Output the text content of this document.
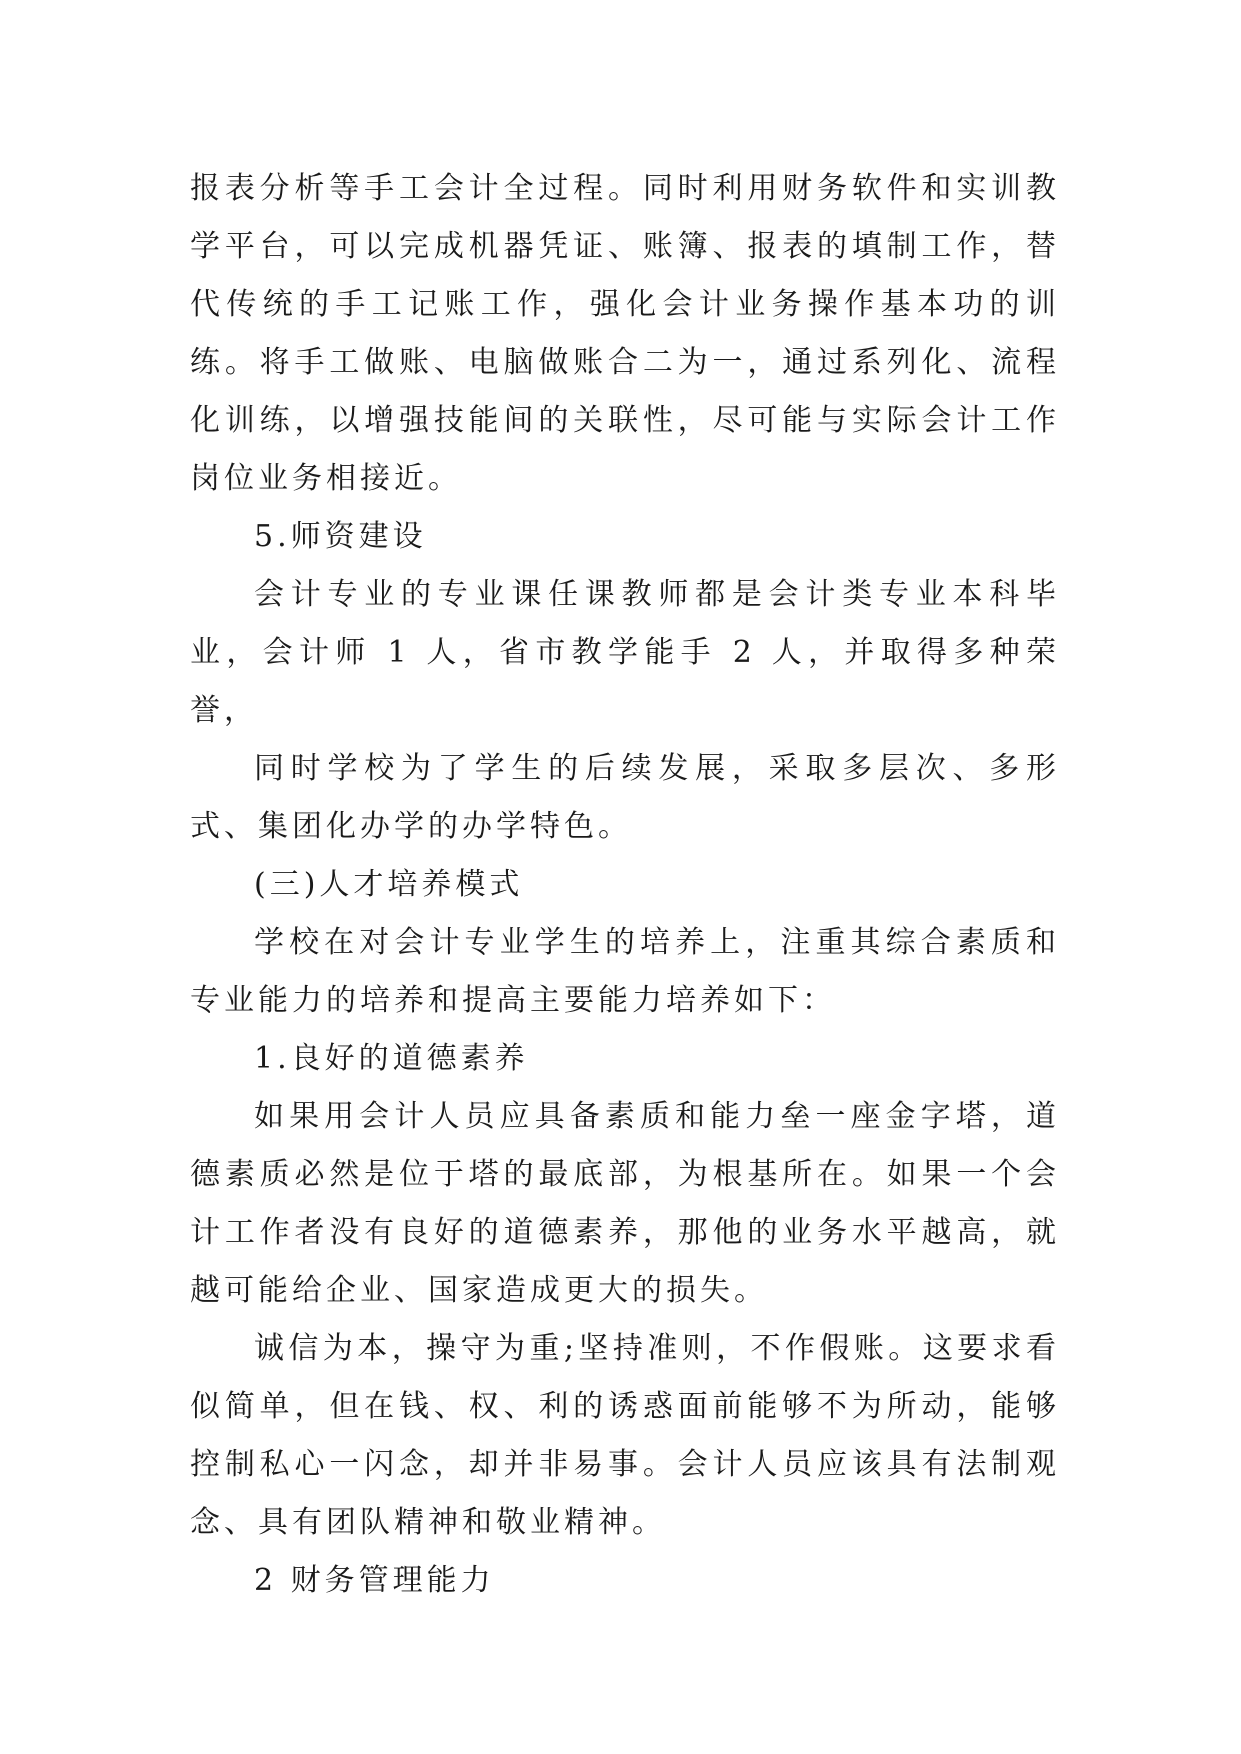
报表分析等手工会计全过程。同时利用财务软件和实训教学平台，可以完成机器凭证、账簿、报表的填制工作，替代传统的手工记账工作，强化会计业务操作基本功的训练。将手工做账、电脑做账合二为一，通过系列化、流程化训练，以增强技能间的关联性，尽可能与实际会计工作岗位业务相接近。

5.师资建设

会计专业的专业课任课教师都是会计类专业本科毕业，会计师 1 人，省市教学能手 2 人，并取得多种荣誉，

同时学校为了学生的后续发展，采取多层次、多形式、集团化办学的办学特色。

(三)人才培养模式

学校在对会计专业学生的培养上，注重其综合素质和专业能力的培养和提高主要能力培养如下：

1.良好的道德素养

如果用会计人员应具备素质和能力垒一座金字塔，道德素质必然是位于塔的最底部，为根基所在。如果一个会计工作者没有良好的道德素养，那他的业务水平越高，就越可能给企业、国家造成更大的损失。

诚信为本，操守为重;坚持准则，不作假账。这要求看似简单，但在钱、权、利的诱惑面前能够不为所动，能够控制私心一闪念，却并非易事。会计人员应该具有法制观念、具有团队精神和敬业精神。

2 财务管理能力
